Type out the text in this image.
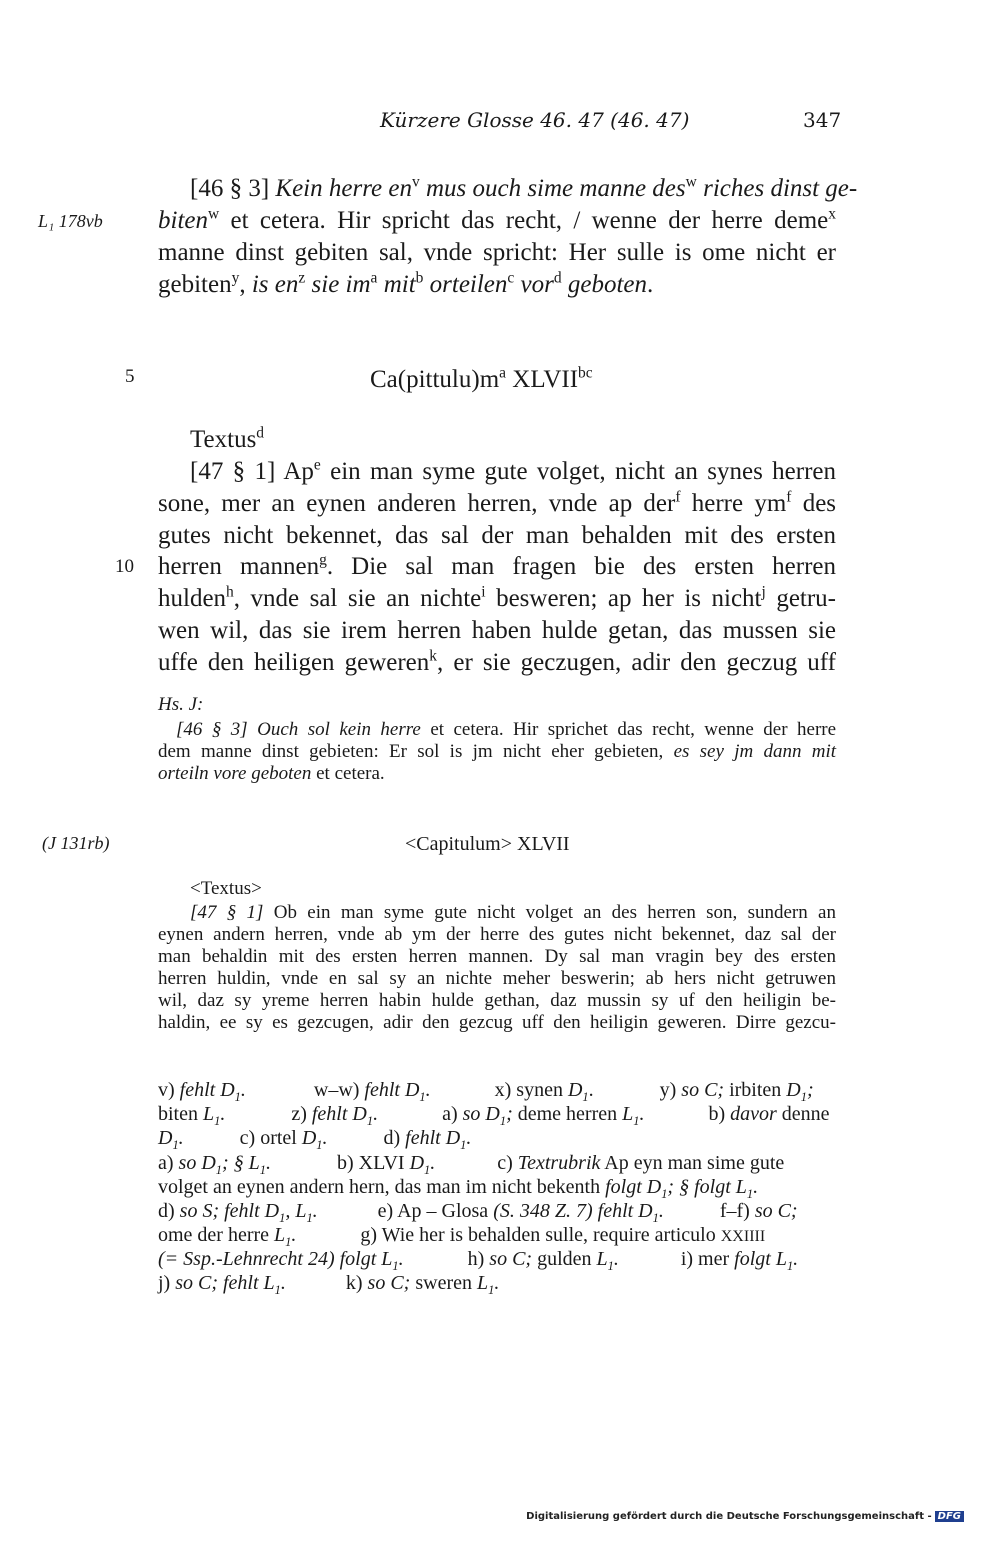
Kürzere Glosse 46. 47 (46. 47)	347
L₁ 178vb
5
10
(J 131rb)
[46 § 3] Kein herre $en^v$ mus ouch sime manne des$^w$ riches dinst ge-
biten$^w$ et cetera. Hir spricht das recht, / wenne der herre deme$^x$
manne dinst gebiten sal, vnde spricht: Her sulle is ome nicht er
gebiten$^y$, is $en^z$ sie $im^a$ mit$^b$ orteilen$^c$ vor$^d$ geboten.
$Ca(pittulu)m^a$ $XLVII^{bc}$
Textus$^d$
[47 § 1] Ap$^e$ ein man syme gute volget, nicht an synes herren
sone, mer an eynen anderen herren, vnde ap der$^f$ herre $ym^f$ des
gutes nicht bekennet, das sal der man behalden mit des ersten
herren mannen$^g$. Die sal man fragen bie des ersten herren
hulden$^h$, vnde sal sie an nichte$^i$ besweren; ap her is nicht$^j$ getru-
wen wil, das sie irem herren haben hulde getan, das mussen sie
uffe den heiligen geweren$^k$, er sie geczugen, adir den geczug uff
Hs. J:
[46 § 3] Ouch sol kein herre et cetera. Hir sprichet das recht, wenne der herre
dem manne dinst gebieten: Er sol is jm nicht eher gebieten, es sey jm dann mit
orteiln vore geboten et cetera.
<Capitulum> XLVII
<Textus>
[47 § 1] Ob ein man syme gute nicht volget an des herren son, sundern an
eynen andern herren, vnde ab ym der herre des gutes nicht bekennet, daz sal der
man behaldin mit des ersten herren mannen. Dy sal man vragin bey des ersten
herren huldin, vnde en sal sy an nichte meher beswerin; ab hers nicht getruwen
wil, daz sy yreme herren habin hulde gethan, daz mussin sy uf den heiligin be-
haldin, ee sy es gezcugen, adir den gezcug uff den heiligin geweren. Dirre gezcu-
v) fehlt $D_1$.	w–w) fehlt $D_1$.	x) synen $D_1$.	y) so C; irbiten $D_1$;
biten $L_1$.	z) fehlt $D_1$.	a) so $D_1$; deme herren $L_1$.	b) davor denne
$D_1$.	c) ortel $D_1$.	d) fehlt $D_1$.
a) so $D_1$; § $L_1$.	b) XLVI $D_1$.	c) Textrubrik Ap eyn man sime gute
volget an eynen andern hern, das man im nicht bekenth folgt $D_1$; § folgt $L_1$.
d) so S; fehlt $D_1$, $L_1$.	e) Ap – Glosa (S. 348 Z. 7) fehlt $D_1$.	f–f) so C;
ome der herre $L_1$.	g) Wie her is behalden sulle, require articulo XXIIII
(= Ssp.-Lehnrecht 24) folgt $L_1$.	h) so C; gulden $L_1$.	i) mer folgt $L_1$.
j) so C; fehlt $L_1$.	k) so C; sweren $L_1$.
Digitalisierung gefördert durch die Deutsche Forschungsgemeinschaft - DFG
